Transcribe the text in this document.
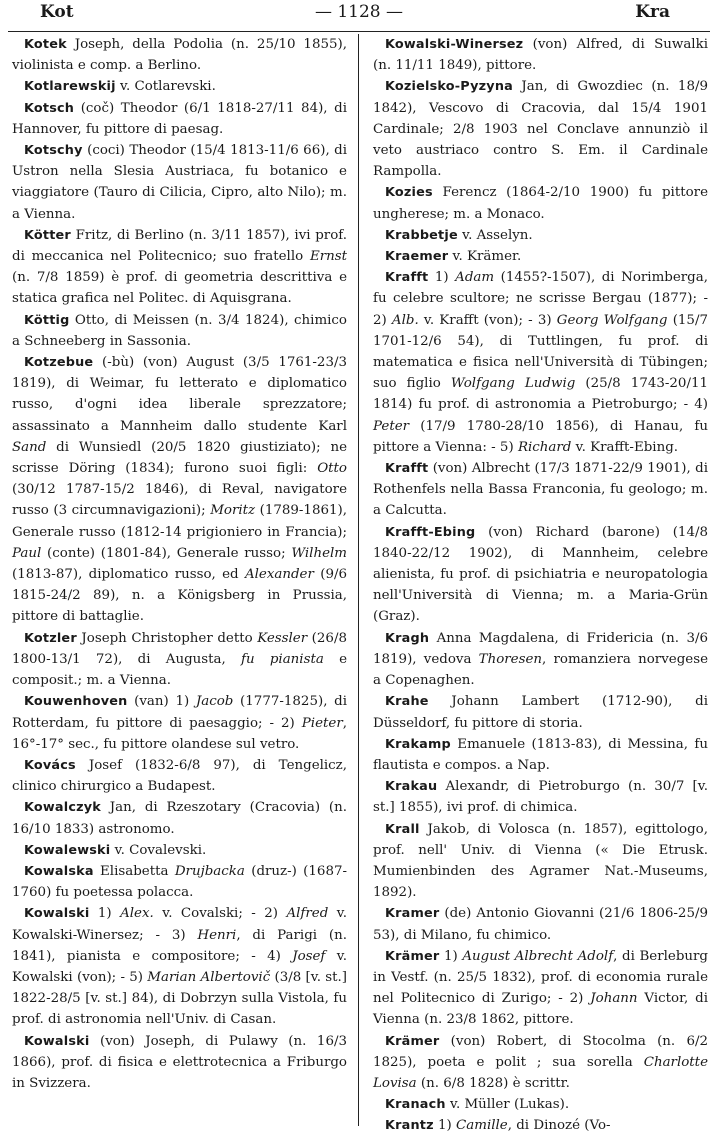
Kot	— 1128 —	Kra

Kotek Joseph, della Podolia (n. 25/10 1855), violinista e comp. a Berlino.

Kotlarewskij v. Cotlarevski.

Kotsch (coč) Theodor (6/1 1818-27/11 84), di Hannover, fu pittore di paesag.

Kotschy (coci) Theodor (15/4 1813-11/6 66), di Ustron nella Slesia Austriaca, fu botanico e viaggiatore (Tauro di Cilicia, Cipro, alto Nilo); m. a Vienna.

Kötter Fritz, di Berlino (n. 3/11 1857), ivi prof. di meccanica nel Politecnico; suo fratello Ernst (n. 7/8 1859) è prof. di geometria descrittiva e statica grafica nel Politec. di Aquisgrana.

Köttig Otto, di Meissen (n. 3/4 1824), chimico a Schneeberg in Sassonia.

Kotzebue (-bù) (von) August (3/5 1761-23/3 1819), di Weimar, fu letterato e diplomatico russo, d'ogni idea liberale sprezzatore; assassinato a Mannheim dallo studente Karl Sand di Wunsiedl (20/5 1820 giustiziato); ne scrisse Döring (1834); furono suoi figli: Otto (30/12 1787-15/2 1846), di Reval, navigatore russo (3 circumnavigazioni); Moritz (1789-1861), Generale russo (1812-14 prigioniero in Francia); Paul (conte) (1801-84), Generale russo; Wilhelm (1813-87), diplomatico russo, ed Alexander (9/6 1815-24/2 89), n. a Königsberg in Prussia, pittore di battaglie.

Kotzler Joseph Christopher detto Kessler (26/8 1800-13/1 72), di Augusta, fu pianista e composit.; m. a Vienna.

Kouwenhoven (van) 1) Jacob (1777-1825), di Rotterdam, fu pittore di paesaggio; - 2) Pieter, 16°-17° sec., fu pittore olandese sul vetro.

Kovács Josef (1832-6/8 97), di Tengelicz, clinico chirurgico a Budapest.

Kowalczyk Jan, di Rzeszotary (Cracovia) (n. 16/10 1833) astronomo.

Kowalewski v. Covalevski.

Kowalska Elisabetta Drujbacka (druz-) (1687-1760) fu poetessa polacca.

Kowalski 1) Alex. v. Covalski; - 2) Alfred v. Kowalski-Winersez; - 3) Henri, di Parigi (n. 1841), pianista e compositore; - 4) Josef v. Kowalski (von); - 5) Marian Albertovič (3/8 [v. st.] 1822-28/5 [v. st.] 84), di Dobrzyn sulla Vistola, fu prof. di astronomia nell'Univ. di Casan.

Kowalski (von) Joseph, di Pulawy (n. 16/3 1866), prof. di fisica e elettrotecnica a Friburgo in Svizzera.

Kowalski-Winersez (von) Alfred, di Suwalki (n. 11/11 1849), pittore.

Kozielsko-Pyzyna Jan, di Gwozdiec (n. 18/9 1842), Vescovo di Cracovia, dal 15/4 1901 Cardinale; 2/8 1903 nel Conclave annunziò il veto austriaco contro S. Em. il Cardinale Rampolla.

Kozies Ferencz (1864-2/10 1900) fu pittore ungherese; m. a Monaco.

Krabbetje v. Asselyn.

Kraemer v. Krämer.

Krafft 1) Adam (1455?-1507), di Norimberga, fu celebre scultore; ne scrisse Bergau (1877); - 2) Alb. v. Krafft (von); - 3) Georg Wolfgang (15/7 1701-12/6 54), di Tuttlingen, fu prof. di matematica e fisica nell'Università di Tübingen; suo figlio Wolfgang Ludwig (25/8 1743-20/11 1814) fu prof. di astronomia a Pietroburgo; - 4) Peter (17/9 1780-28/10 1856), di Hanau, fu pittore a Vienna: - 5) Richard v. Krafft-Ebing.

Krafft (von) Albrecht (17/3 1871-22/9 1901), di Rothenfels nella Bassa Franconia, fu geologo; m. a Calcutta.

Krafft-Ebing (von) Richard (barone) (14/8 1840-22/12 1902), di Mannheim, celebre alienista, fu prof. di psichiatria e neuropatologia nell'Università di Vienna; m. a Maria-Grün (Graz).

Kragh Anna Magdalena, di Fridericia (n. 3/6 1819), vedova Thoresen, romanziera norvegese a Copenaghen.

Krahe Johann Lambert (1712-90), di Düsseldorf, fu pittore di storia.

Krakamp Emanuele (1813-83), di Messina, fu flautista e compos. a Nap.

Krakau Alexandr, di Pietroburgo (n. 30/7 [v. st.] 1855), ivi prof. di chimica.

Krall Jakob, di Volosca (n. 1857), egittologo, prof. nell' Univ. di Vienna (« Die Etrusk. Mumienbinden des Agramer Nat.-Museums, 1892).

Kramer (de) Antonio Giovanni (21/6 1806-25/9 53), di Milano, fu chimico.

Krämer 1) August Albrecht Adolf, di Berleburg in Vestf. (n. 25/5 1832), prof. di economia rurale nel Politecnico di Zurigo; - 2) Johann Victor, di Vienna (n. 23/8 1862, pittore.

Krämer (von) Robert, di Stocolma (n. 6/2 1825), poeta e polit ; sua sorella Charlotte Lovisa (n. 6/8 1828) è scrittr.

Kranach v. Müller (Lukas).

Krantz 1) Camille, di Dinozé (Vo-
